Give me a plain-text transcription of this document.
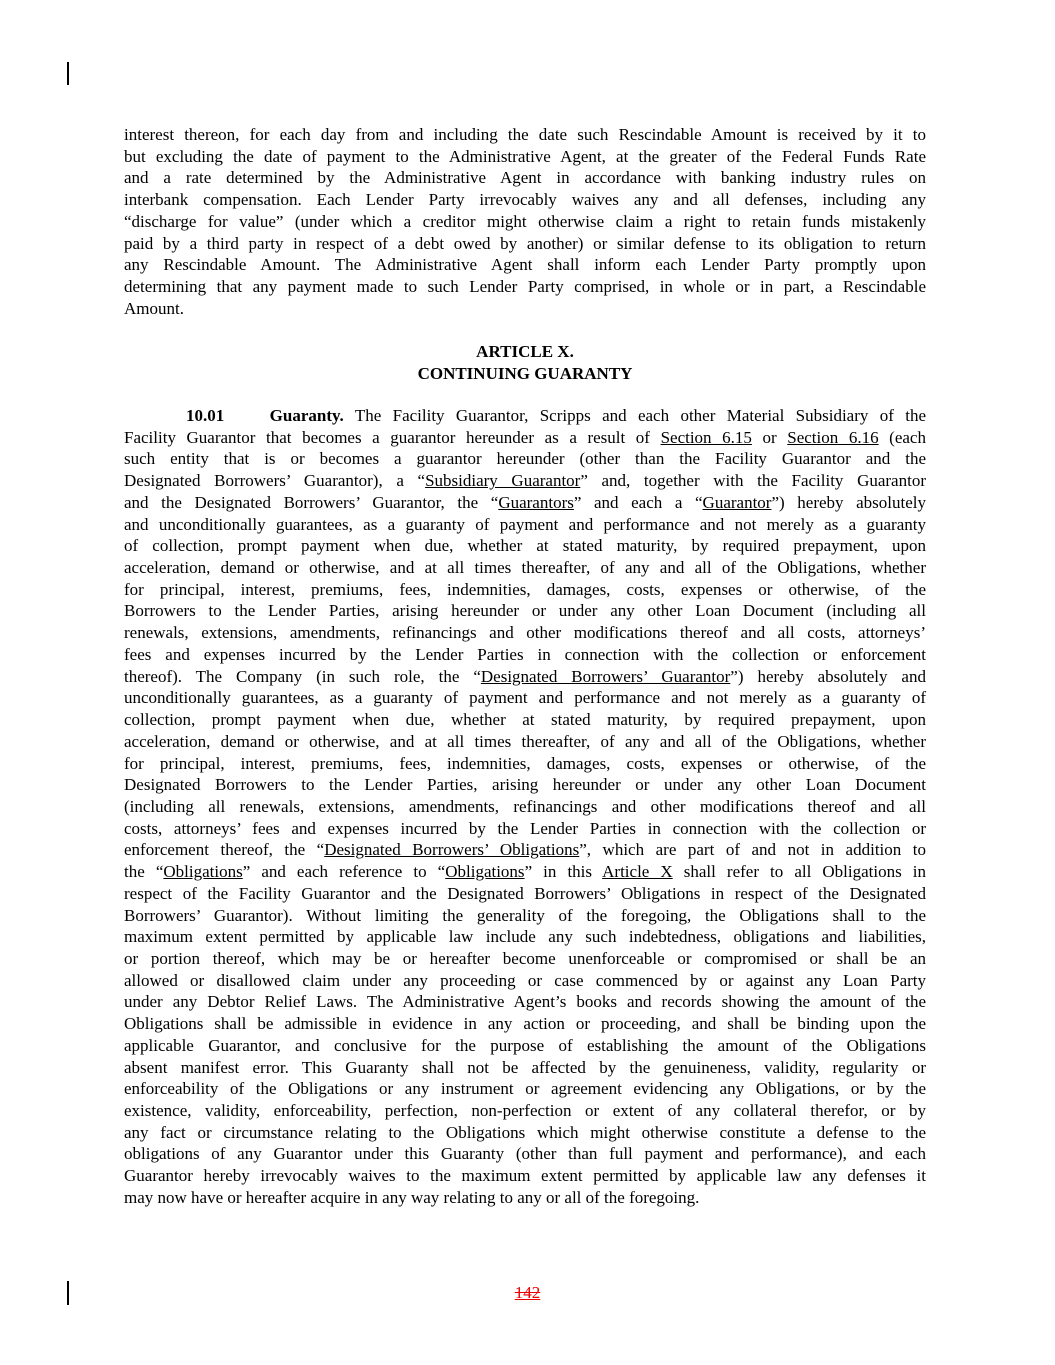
interest thereon, for each day from and including the date such Rescindable Amount is received by it to
but excluding the date of payment to the Administrative Agent, at the greater of the Federal Funds Rate
and a rate determined by the Administrative Agent in accordance with banking industry rules on
interbank compensation. Each Lender Party irrevocably waives any and all defenses, including any
“discharge for value” (under which a creditor might otherwise claim a right to retain funds mistakenly
paid by a third party in respect of a debt owed by another) or similar defense to its obligation to return
any Rescindable Amount. The Administrative Agent shall inform each Lender Party promptly upon
determining that any payment made to such Lender Party comprised, in whole or in part, a Rescindable
Amount.
ARTICLE X.
CONTINUING GUARANTY
10.01    Guaranty. The Facility Guarantor, Scripps and each other Material Subsidiary of the
Facility Guarantor that becomes a guarantor hereunder as a result of Section 6.15 or Section 6.16 (each
such entity that is or becomes a guarantor hereunder (other than the Facility Guarantor and the
Designated Borrowers’ Guarantor), a “Subsidiary Guarantor” and, together with the Facility Guarantor
and the Designated Borrowers’ Guarantor, the “Guarantors” and each a “Guarantor”) hereby absolutely
and unconditionally guarantees, as a guaranty of payment and performance and not merely as a guaranty
of collection, prompt payment when due, whether at stated maturity, by required prepayment, upon
acceleration, demand or otherwise, and at all times thereafter, of any and all of the Obligations, whether
for principal, interest, premiums, fees, indemnities, damages, costs, expenses or otherwise, of the
Borrowers to the Lender Parties, arising hereunder or under any other Loan Document (including all
renewals, extensions, amendments, refinancings and other modifications thereof and all costs, attorneys’
fees and expenses incurred by the Lender Parties in connection with the collection or enforcement
thereof). The Company (in such role, the “Designated Borrowers’ Guarantor”) hereby absolutely and
unconditionally guarantees, as a guaranty of payment and performance and not merely as a guaranty of
collection, prompt payment when due, whether at stated maturity, by required prepayment, upon
acceleration, demand or otherwise, and at all times thereafter, of any and all of the Obligations, whether
for principal, interest, premiums, fees, indemnities, damages, costs, expenses or otherwise, of the
Designated Borrowers to the Lender Parties, arising hereunder or under any other Loan Document
(including all renewals, extensions, amendments, refinancings and other modifications thereof and all
costs, attorneys’ fees and expenses incurred by the Lender Parties in connection with the collection or
enforcement thereof, the “Designated Borrowers’ Obligations”, which are part of and not in addition to
the “Obligations” and each reference to “Obligations” in this Article X shall refer to all Obligations in
respect of the Facility Guarantor and the Designated Borrowers’ Obligations in respect of the Designated
Borrowers’ Guarantor). Without limiting the generality of the foregoing, the Obligations shall to the
maximum extent permitted by applicable law include any such indebtedness, obligations and liabilities,
or portion thereof, which may be or hereafter become unenforceable or compromised or shall be an
allowed or disallowed claim under any proceeding or case commenced by or against any Loan Party
under any Debtor Relief Laws. The Administrative Agent’s books and records showing the amount of the
Obligations shall be admissible in evidence in any action or proceeding, and shall be binding upon the
applicable Guarantor, and conclusive for the purpose of establishing the amount of the Obligations
absent manifest error. This Guaranty shall not be affected by the genuineness, validity, regularity or
enforceability of the Obligations or any instrument or agreement evidencing any Obligations, or by the
existence, validity, enforceability, perfection, non-perfection or extent of any collateral therefor, or by
any fact or circumstance relating to the Obligations which might otherwise constitute a defense to the
obligations of any Guarantor under this Guaranty (other than full payment and performance), and each
Guarantor hereby irrevocably waives to the maximum extent permitted by applicable law any defenses it
may now have or hereafter acquire in any way relating to any or all of the foregoing.
142
